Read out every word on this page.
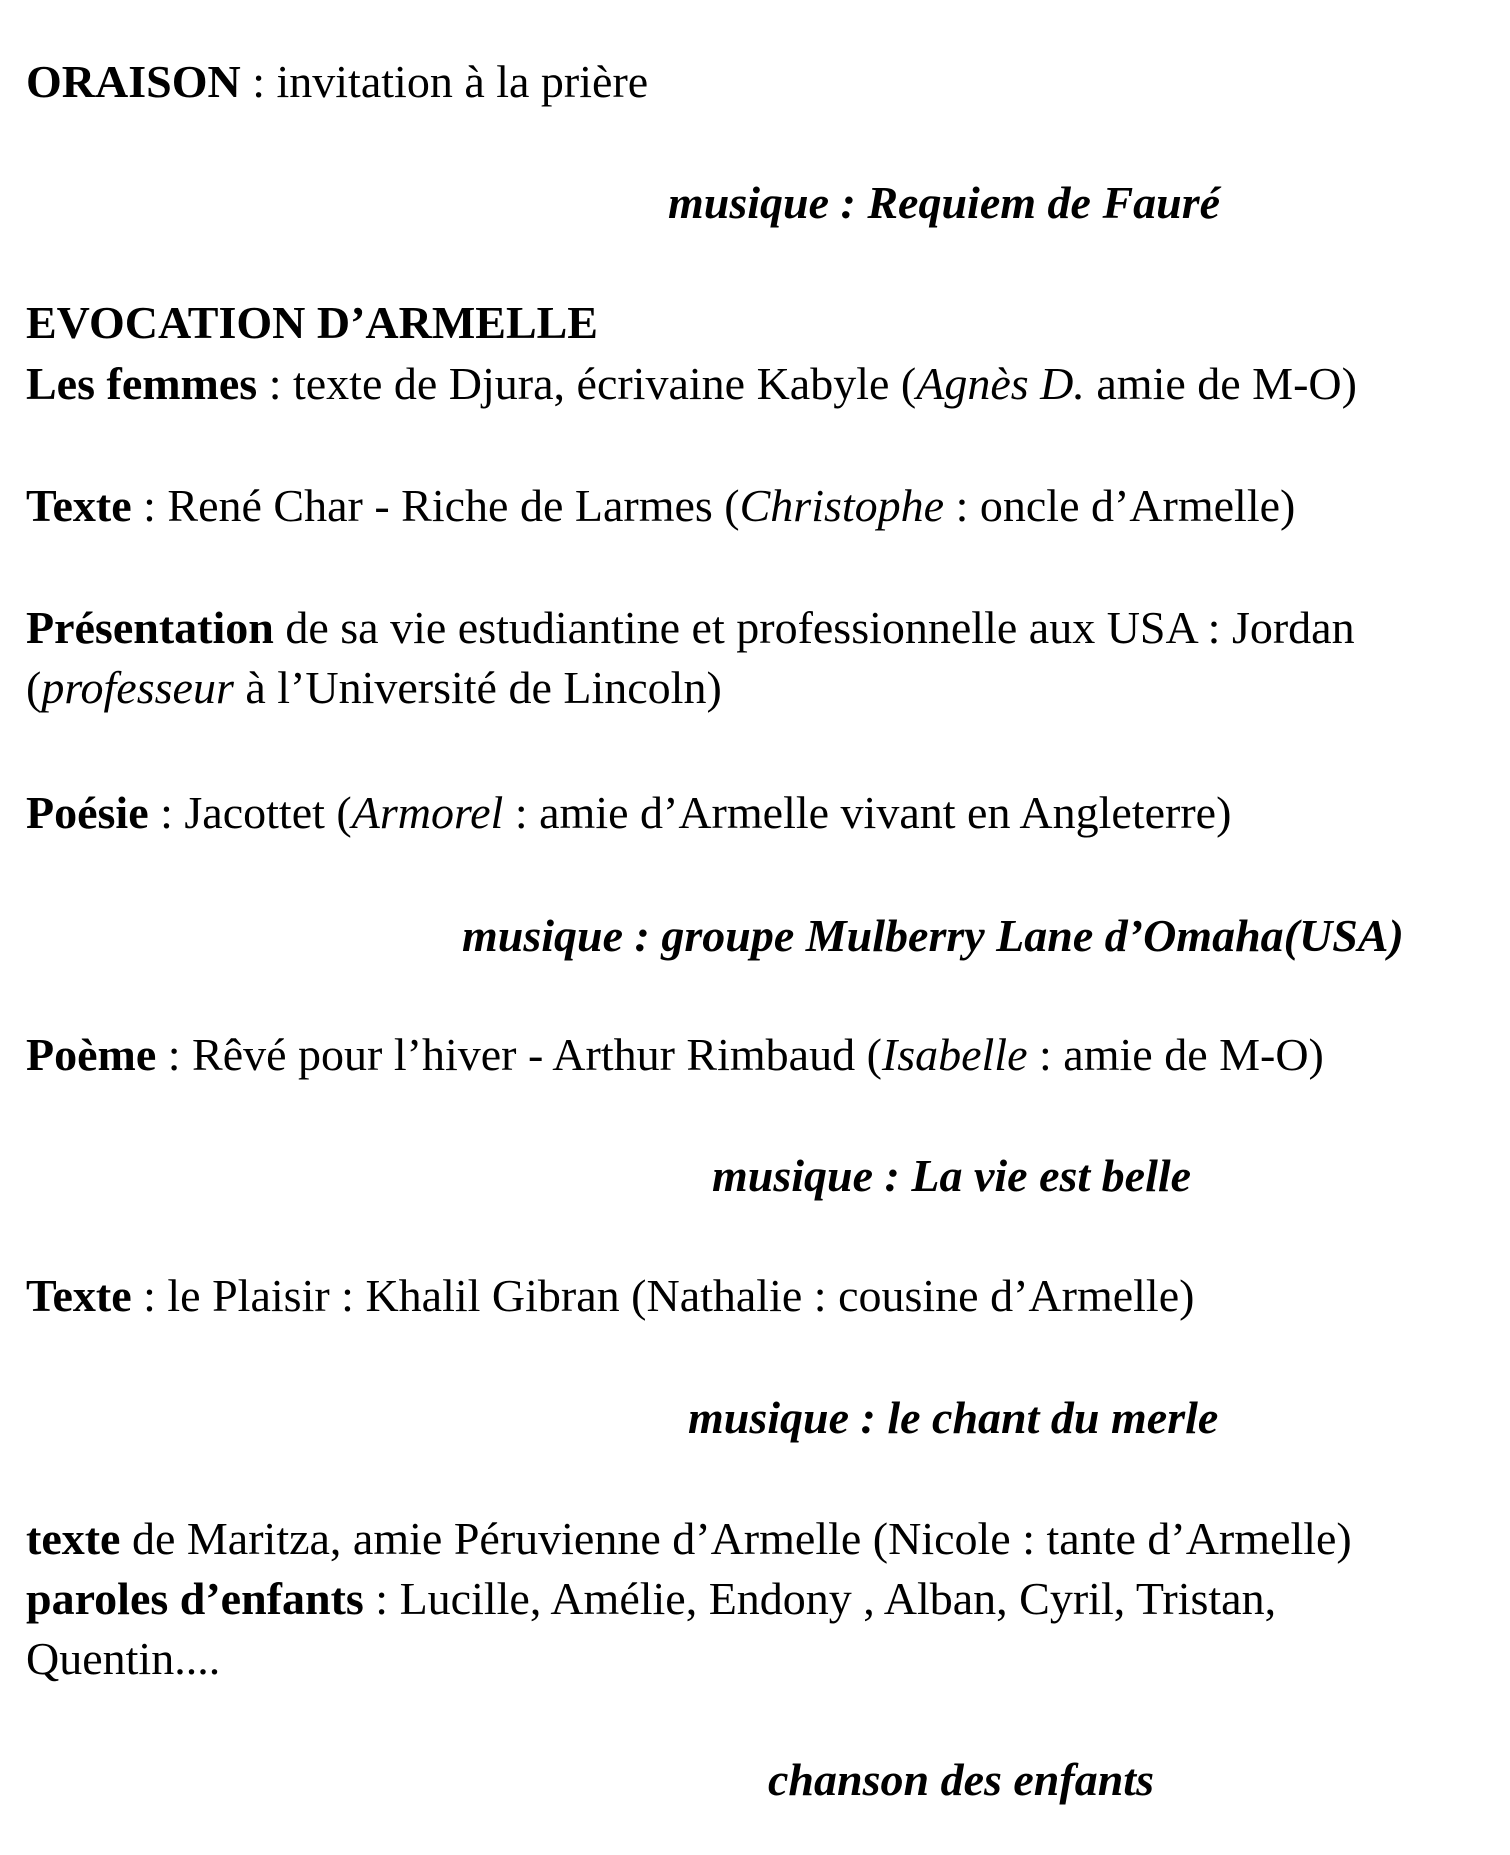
ORAISON : invitation à la prière
musique : Requiem de Fauré
EVOCATION D’ARMELLE
Les femmes : texte de Djura, écrivaine Kabyle (Agnès D. amie de M-O)
Texte : René Char - Riche de Larmes (Christophe : oncle d’Armelle)
Présentation de sa vie estudiantine et professionnelle aux USA : Jordan
(professeur à l’Université de Lincoln)
Poésie : Jacottet (Armorel : amie d’Armelle vivant en Angleterre)
musique : groupe Mulberry Lane d’Omaha(USA)
Poème : Rêvé pour l’hiver - Arthur Rimbaud (Isabelle : amie de M-O)
musique : La vie est belle
Texte : le Plaisir : Khalil Gibran (Nathalie : cousine d’Armelle)
musique : le chant du merle
texte de Maritza, amie Péruvienne d’Armelle (Nicole : tante d’Armelle)
paroles d’enfants : Lucille, Amélie, Endony , Alban, Cyril, Tristan,
Quentin....
chanson des enfants
